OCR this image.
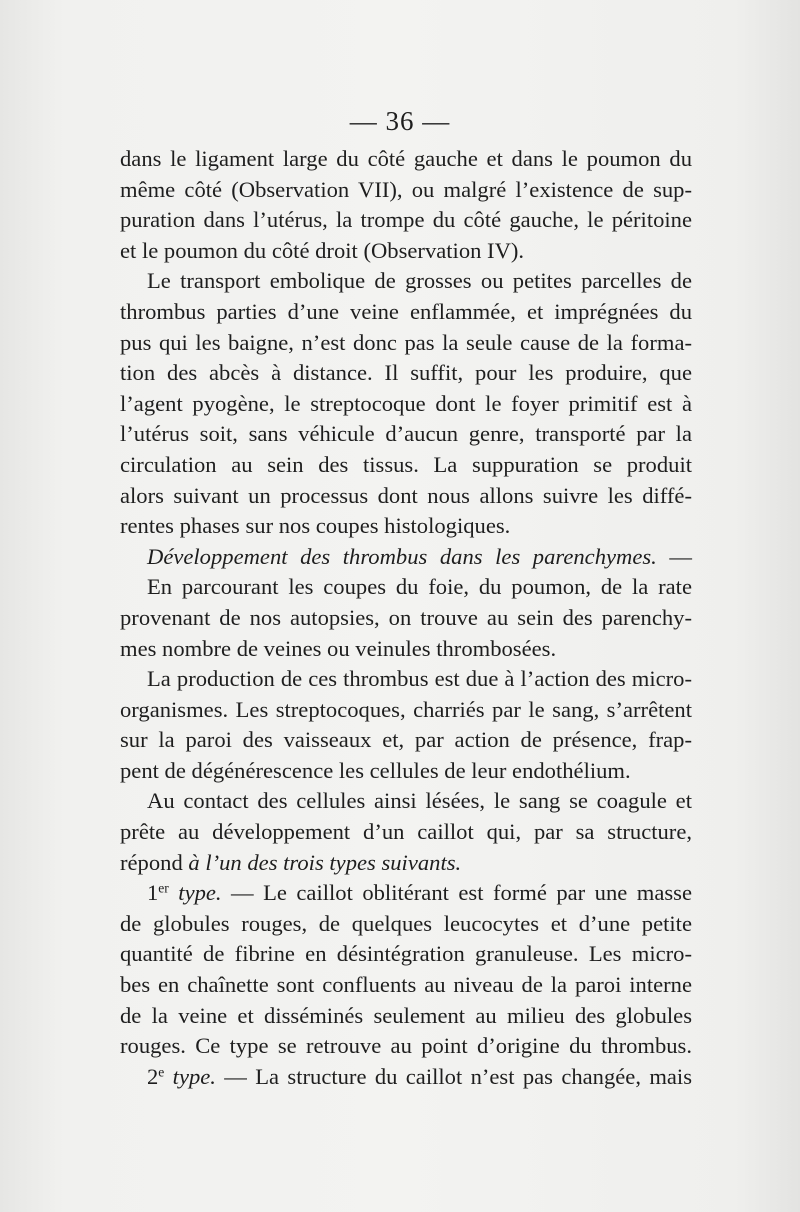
— 36 —
dans le ligament large du côté gauche et dans le poumon du
même côté (Observation VII), ou malgré l’existence de sup-
puration dans l’utérus, la trompe du côté gauche, le péritoine
et le poumon du côté droit (Observation IV).
Le transport embolique de grosses ou petites parcelles de
thrombus parties d’une veine enflammée, et imprégnées du
pus qui les baigne, n’est donc pas la seule cause de la forma-
tion des abcès à distance. Il suffit, pour les produire, que
l’agent pyogène, le streptocoque dont le foyer primitif est à
l’utérus soit, sans véhicule d’aucun genre, transporté par la
circulation au sein des tissus. La suppuration se produit
alors suivant un processus dont nous allons suivre les diffé-
rentes phases sur nos coupes histologiques.
Développement des thrombus dans les parenchymes. —
En parcourant les coupes du foie, du poumon, de la rate
provenant de nos autopsies, on trouve au sein des parenchy-
mes nombre de veines ou veinules thrombosées.
La production de ces thrombus est due à l’action des micro-
organismes. Les streptocoques, charriés par le sang, s’arrêtent
sur la paroi des vaisseaux et, par action de présence, frap-
pent de dégénérescence les cellules de leur endothélium.
Au contact des cellules ainsi lésées, le sang se coagule et
prête au développement d’un caillot qui, par sa structure,
répond à l’un des trois types suivants.
1er type. — Le caillot oblitérant est formé par une masse
de globules rouges, de quelques leucocytes et d’une petite
quantité de fibrine en désintégration granuleuse. Les micro-
bes en chaînette sont confluents au niveau de la paroi interne
de la veine et disséminés seulement au milieu des globules
rouges. Ce type se retrouve au point d’origine du thrombus.
2e type. — La structure du caillot n’est pas changée, mais
